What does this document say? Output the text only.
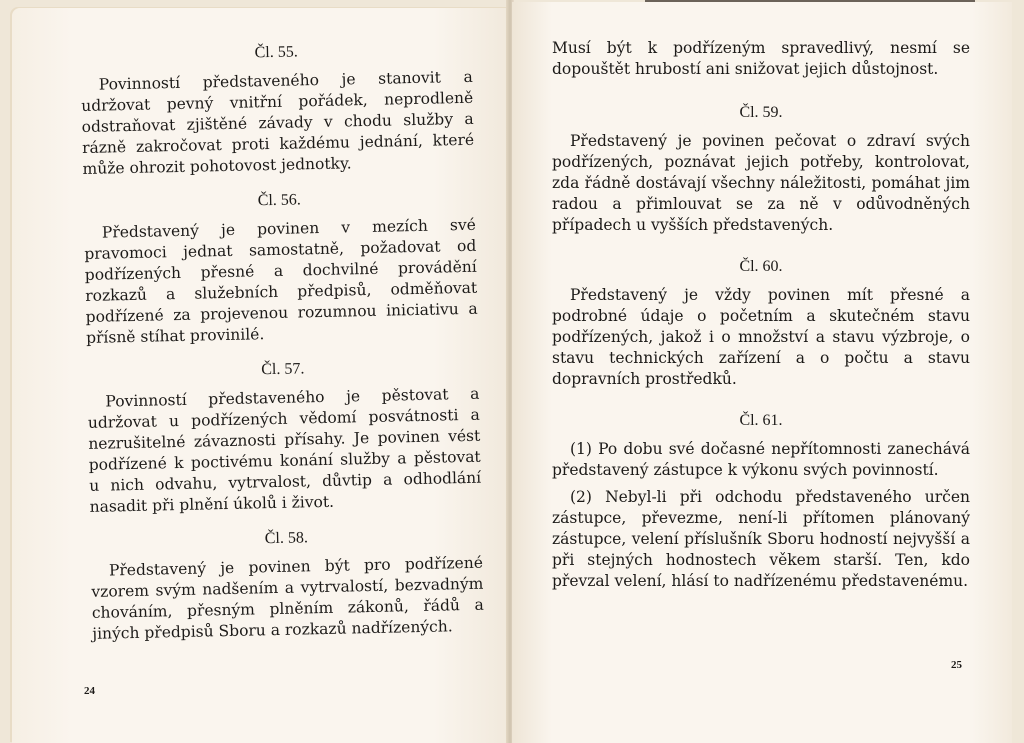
Čl. 55.

Povinností představeného je stanovit a udržovat pevný vnitřní pořádek, neprodleně odstraňovat zjištěné závady v chodu služby a rázně zakročovat proti každému jednání, které může ohrozit pohotovost jednotky.

Čl. 56.

Představený je povinen v mezích své pravomoci jednat samostatně, požadovat od podřízených přesné a dochvilné provádění rozkazů a služebních předpisů, odměňovat podřízené za projevenou rozumnou iniciativu a přísně stíhat provinilé.

Čl. 57.

Povinností představeného je pěstovat a udržovat u podřízených vědomí posvátnosti a nezrušitelné závaznosti přísahy. Je povinen vést podřízené k poctivému konání služby a pěstovat u nich odvahu, vytrvalost, důvtip a odhodlání nasadit při plnění úkolů i život.

Čl. 58.

Představený je povinen být pro podřízené vzorem svým nadšením a vytrvalostí, bezvadným chováním, přesným plněním zákonů, řádů a jiných předpisů Sboru a rozkazů nadřízených.

24

Musí být k podřízeným spravedlivý, nesmí se dopouštět hrubostí ani snižovat jejich důstojnost.

Čl. 59.

Představený je povinen pečovat o zdraví svých podřízených, poznávat jejich potřeby, kontrolovat, zda řádně dostávají všechny náležitosti, pomáhat jim radou a přimlouvat se za ně v odůvodněných případech u vyšších představených.

Čl. 60.

Představený je vždy povinen mít přesné a podrobné údaje o početním a skutečném stavu podřízených, jakož i o množství a stavu výzbroje, o stavu technických zařízení a o počtu a stavu dopravních prostředků.

Čl. 61.

(1) Po dobu své dočasné nepřítomnosti zanechává představený zástupce k výkonu svých povinností.

(2) Nebyl-li při odchodu představeného určen zástupce, převezme, není-li přítomen plánovaný zástupce, velení příslušník Sboru hodností nejvyšší a při stejných hodnostech věkem starší. Ten, kdo převzal velení, hlásí to nadřízenému představenému.

25
